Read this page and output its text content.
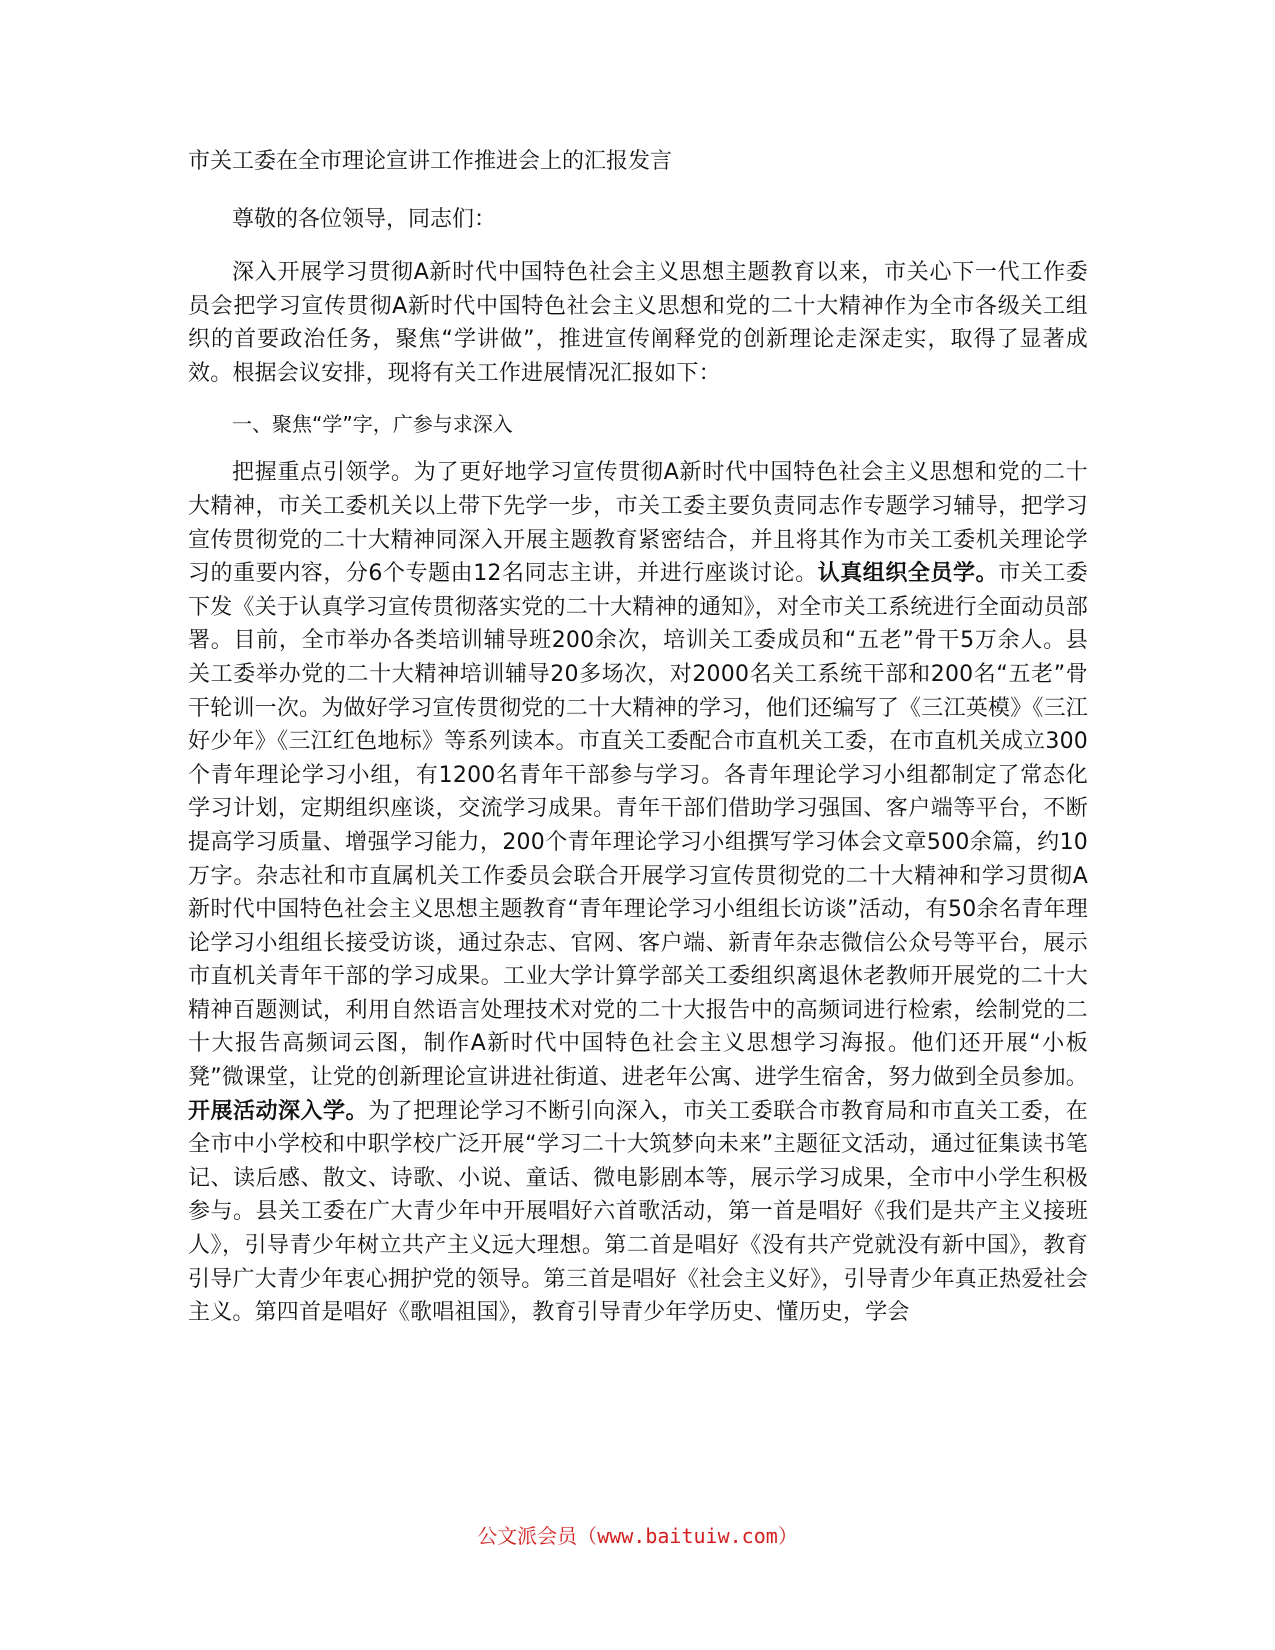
市关工委在全市理论宣讲工作推进会上的汇报发言

尊敬的各位领导，同志们：

深入开展学习贯彻A新时代中国特色社会主义思想主题教育以来，市关心下一代工作委员会把学习宣传贯彻A新时代中国特色社会主义思想和党的二十大精神作为全市各级关工组织的首要政治任务，聚焦“学讲做”，推进宣传阐释党的创新理论走深走实，取得了显著成效。根据会议安排，现将有关工作进展情况汇报如下：

一、聚焦“学”字，广参与求深入

把握重点引领学。为了更好地学习宣传贯彻A新时代中国特色社会主义思想和党的二十大精神，市关工委机关以上带下先学一步，市关工委主要负责同志作专题学习辅导，把学习宣传贯彻党的二十大精神同深入开展主题教育紧密结合，并且将其作为市关工委机关理论学习的重要内容，分6个专题由12名同志主讲，并进行座谈讨论。认真组织全员学。市关工委下发《关于认真学习宣传贯彻落实党的二十大精神的通知》，对全市关工系统进行全面动员部署。目前，全市举办各类培训辅导班200余次，培训关工委成员和“五老”骨干5万余人。县关工委举办党的二十大精神培训辅导20多场次，对2000名关工系统干部和200名“五老”骨干轮训一次。为做好学习宣传贯彻党的二十大精神的学习，他们还编写了《三江英模》《三江好少年》《三江红色地标》等系列读本。市直关工委配合市直机关工委，在市直机关成立300个青年理论学习小组，有1200名青年干部参与学习。各青年理论学习小组都制定了常态化学习计划，定期组织座谈，交流学习成果。青年干部们借助学习强国、客户端等平台，不断提高学习质量、增强学习能力，200个青年理论学习小组撰写学习体会文章500余篇，约10万字。杂志社和市直属机关工作委员会联合开展学习宣传贯彻党的二十大精神和学习贯彻A新时代中国特色社会主义思想主题教育“青年理论学习小组组长访谈”活动，有50余名青年理论学习小组组长接受访谈，通过杂志、官网、客户端、新青年杂志微信公众号等平台，展示市直机关青年干部的学习成果。工业大学计算学部关工委组织离退休老教师开展党的二十大精神百题测试，利用自然语言处理技术对党的二十大报告中的高频词进行检索，绘制党的二十大报告高频词云图，制作A新时代中国特色社会主义思想学习海报。他们还开展“小板凳”微课堂，让党的创新理论宣讲进社街道、进老年公寓、进学生宿舍，努力做到全员参加。开展活动深入学。为了把理论学习不断引向深入，市关工委联合市教育局和市直关工委，在全市中小学校和中职学校广泛开展“学习二十大筑梦向未来”主题征文活动，通过征集读书笔记、读后感、散文、诗歌、小说、童话、微电影剧本等，展示学习成果，全市中小学生积极参与。县关工委在广大青少年中开展唱好六首歌活动，第一首是唱好《我们是共产主义接班人》，引导青少年树立共产主义远大理想。第二首是唱好《没有共产党就没有新中国》，教育引导广大青少年衷心拥护党的领导。第三首是唱好《社会主义好》，引导青少年真正热爱社会主义。第四首是唱好《歌唱祖国》，教育引导青少年学历史、懂历史，学会

公文派会员（www.baituiw.com）
